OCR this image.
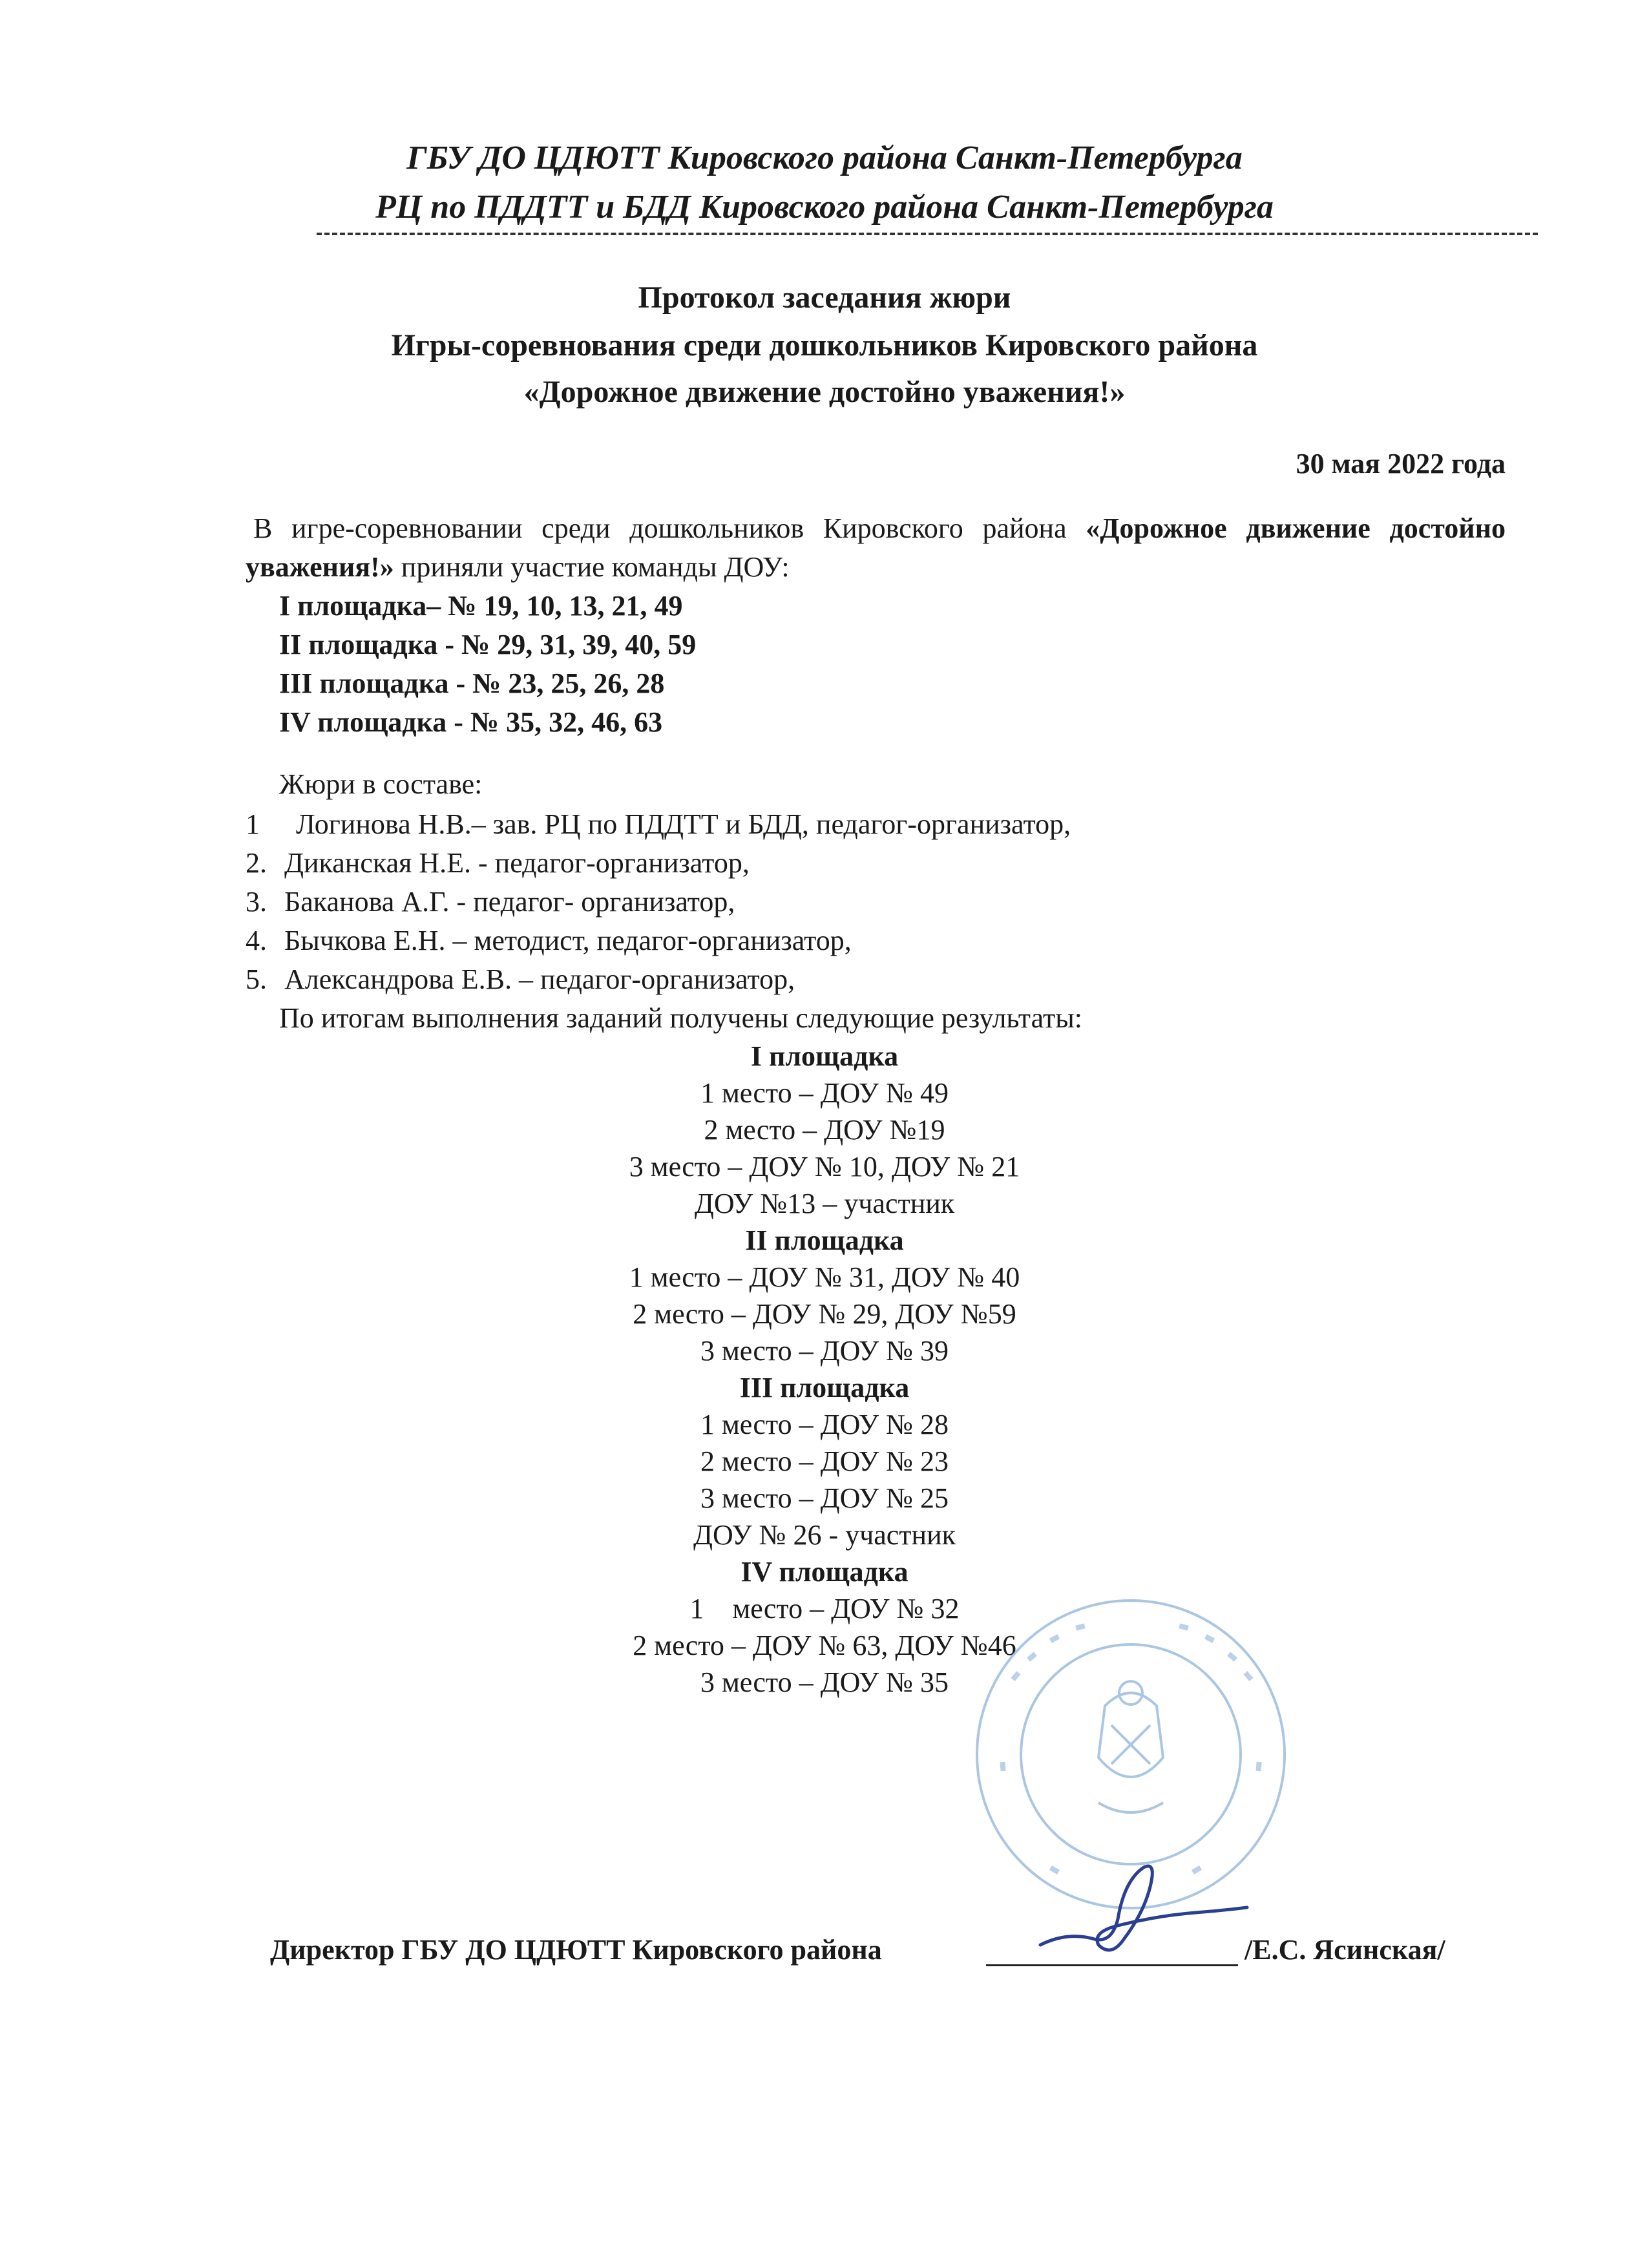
ГБУ ДО ЦДЮТТ Кировского района Санкт-Петербурга
РЦ по ПДДТТ и БДД Кировского района Санкт-Петербурга
Протокол заседания жюри
Игры-соревнования среди дошкольников Кировского района
«Дорожное движение достойно уважения!»
30 мая 2022 года
В игре-соревновании среди дошкольников Кировского района «Дорожное движение достойно уважения!» приняли участие команды ДОУ:
I площадка– № 19, 10, 13, 21, 49
II площадка - № 29, 31, 39, 40, 59
III площадка - № 23, 25, 26, 28
IV площадка - № 35, 32, 46, 63
Жюри в составе:
1 Логинова Н.В.– зав. РЦ по ПДДТТ и БДД, педагог-организатор,
2. Диканская Н.Е. - педагог-организатор,
3. Баканова А.Г. - педагог- организатор,
4. Бычкова Е.Н. – методист, педагог-организатор,
5. Александрова Е.В. – педагог-организатор,
По итогам выполнения заданий получены следующие результаты:
I площадка
1 место – ДОУ № 49
2 место – ДОУ №19
3 место – ДОУ № 10, ДОУ № 21
ДОУ №13 – участник
II площадка
1 место – ДОУ № 31, ДОУ № 40
2 место – ДОУ № 29, ДОУ №59
3 место – ДОУ № 39
III площадка
1 место – ДОУ № 28
2 место – ДОУ № 23
3 место – ДОУ № 25
ДОУ № 26 - участник
IV площадка
1    место – ДОУ № 32
2 место – ДОУ № 63, ДОУ №46
3 место – ДОУ № 35
Директор ГБУ ДО ЦДЮТТ Кировского района	/Е.С. Ясинская/
